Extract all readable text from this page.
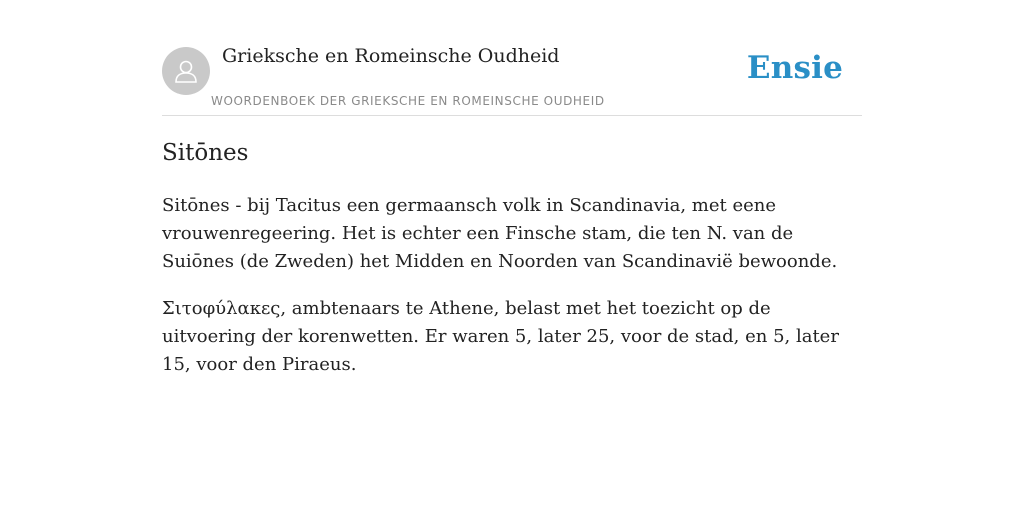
Grieksche en Romeinsche Oudheid
WOORDENBOEK DER GRIEKSCHE EN ROMEINSCHE OUDHEID
Ensie
Sitōnes

Sitōnes - bij Tacitus een germaansch volk in Scandinavia, met eene vrouwenregeering. Het is echter een Finsche stam, die ten N. van de Suiōnes (de Zweden) het Midden en Noorden van Scandinavië bewoonde.

Σιτοφύλακες, ambtenaars te Athene, belast met het toezicht op de uitvoering der korenwetten. Er waren 5, later 25, voor de stad, en 5, later 15, voor den Piraeus.
